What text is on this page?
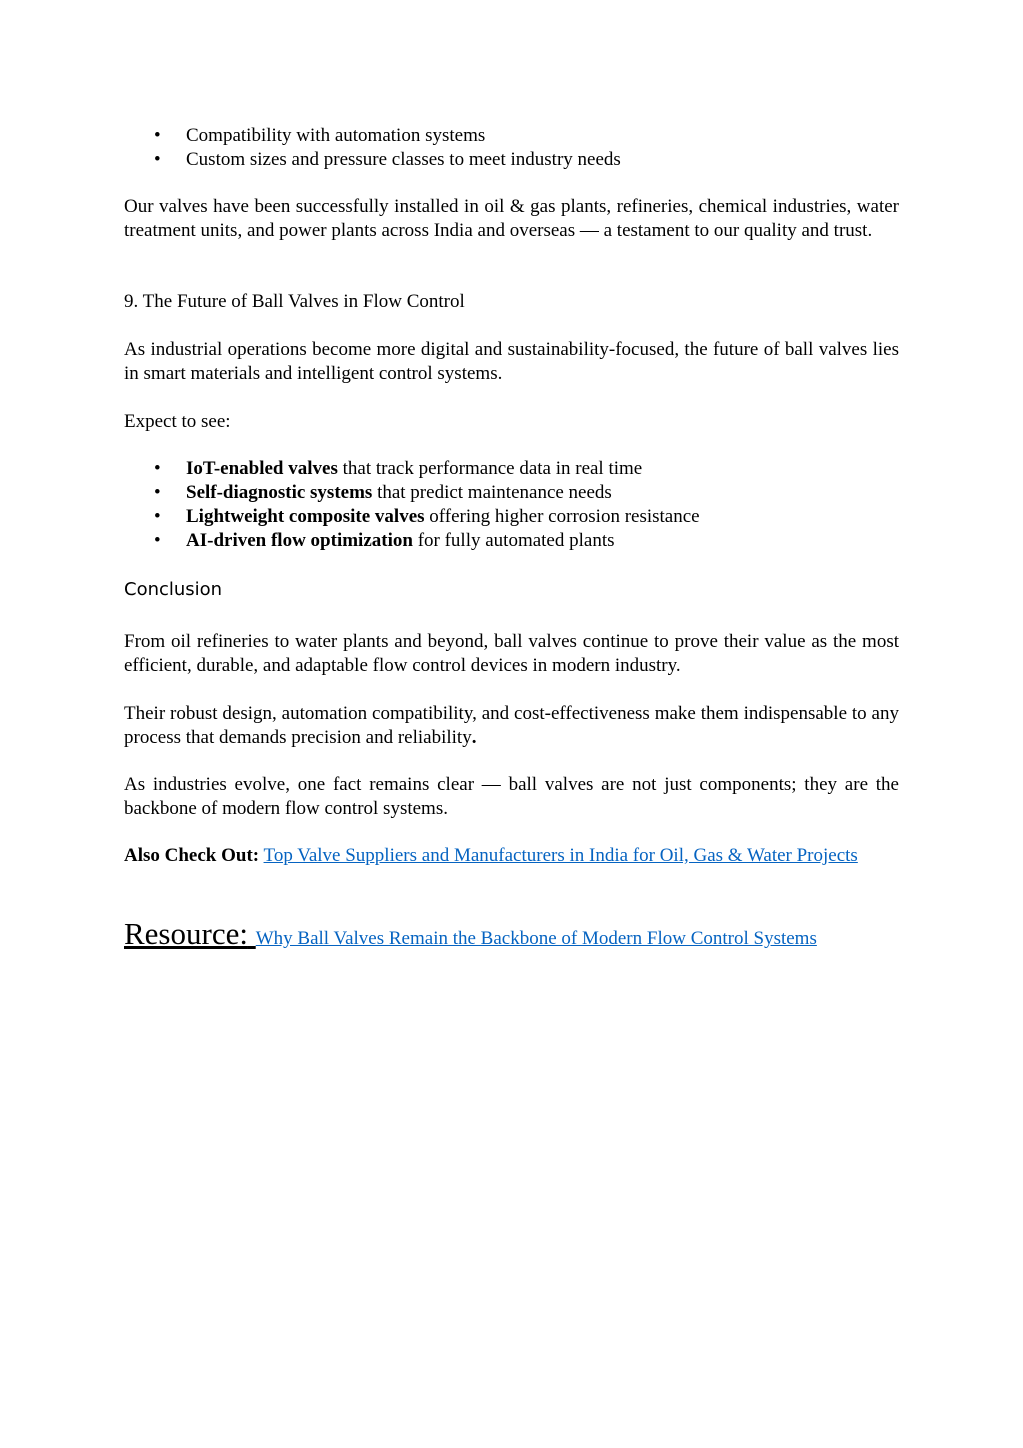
• Compatibility with automation systems
• Custom sizes and pressure classes to meet industry needs

Our valves have been successfully installed in oil & gas plants, refineries, chemical industries, water treatment units, and power plants across India and overseas — a testament to our quality and trust.

9. The Future of Ball Valves in Flow Control

As industrial operations become more digital and sustainability-focused, the future of ball valves lies in smart materials and intelligent control systems.

Expect to see:
• IoT-enabled valves that track performance data in real time
• Self-diagnostic systems that predict maintenance needs
• Lightweight composite valves offering higher corrosion resistance
• AI-driven flow optimization for fully automated plants
Conclusion

From oil refineries to water plants and beyond, ball valves continue to prove their value as the most efficient, durable, and adaptable flow control devices in modern industry.

Their robust design, automation compatibility, and cost-effectiveness make them indispensable to any process that demands precision and reliability.

As industries evolve, one fact remains clear — ball valves are not just components; they are the backbone of modern flow control systems.

Also Check Out: Top Valve Suppliers and Manufacturers in India for Oil, Gas & Water Projects

Resource: Why Ball Valves Remain the Backbone of Modern Flow Control Systems
